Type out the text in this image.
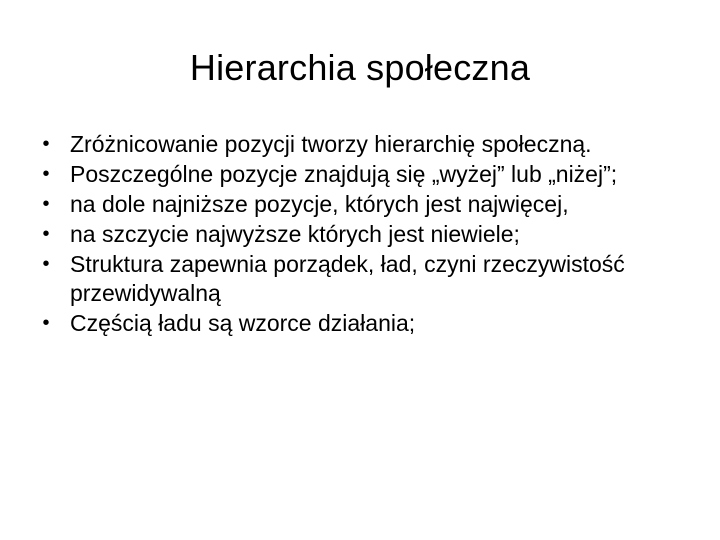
Hierarchia społeczna
• Zróżnicowanie pozycji tworzy hierarchię społeczną.
• Poszczególne pozycje znajdują się „wyżej” lub „niżej”;
• na dole najniższe pozycje, których jest najwięcej,
• na szczycie najwyższe których jest niewiele;
• Struktura zapewnia porządek, ład, czyni rzeczywistość przewidywalną
• Częścią ładu są wzorce działania;
